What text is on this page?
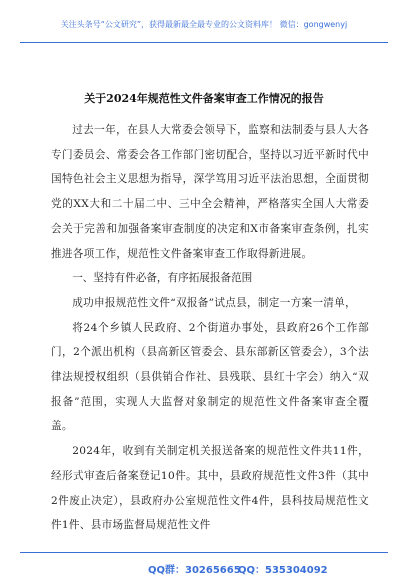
关注头条号“公文研究”，获得最新最全最专业的公文资料库！ 微信：gongwenyj
关于2024年规范性文件备案审查工作情况的报告

过去一年，在县人大常委会领导下，监察和法制委与县人大各专门委员会、常委会各工作部门密切配合，坚持以习近平新时代中国特色社会主义思想为指导，深学笃用习近平法治思想，全面贯彻党的XX大和二十届二中、三中全会精神，严格落实全国人大常委会关于完善和加强备案审查制度的决定和X市备案审查条例，扎实推进各项工作，规范性文件备案审查工作取得新进展。

一、坚持有件必备，有序拓展报备范围

成功申报规范性文件“双报备”试点县，制定一方案一清单，

将24个乡镇人民政府、2个街道办事处，县政府26个工作部门，2个派出机构（县高新区管委会、县东部新区管委会），3个法律法规授权组织（县供销合作社、县残联、县红十字会）纳入“双报备”范围，实现人大监督对象制定的规范性文件备案审查全覆盖。

2024年，收到有关制定机关报送备案的规范性文件共11件，经形式审查后备案登记10件。其中，县政府规范性文件3件（其中2件废止决定），县政府办公室规范性文件4件，县科技局规范性文件1件、县市场监督局规范性文件

QQ群：30265665
QQ：535304092
